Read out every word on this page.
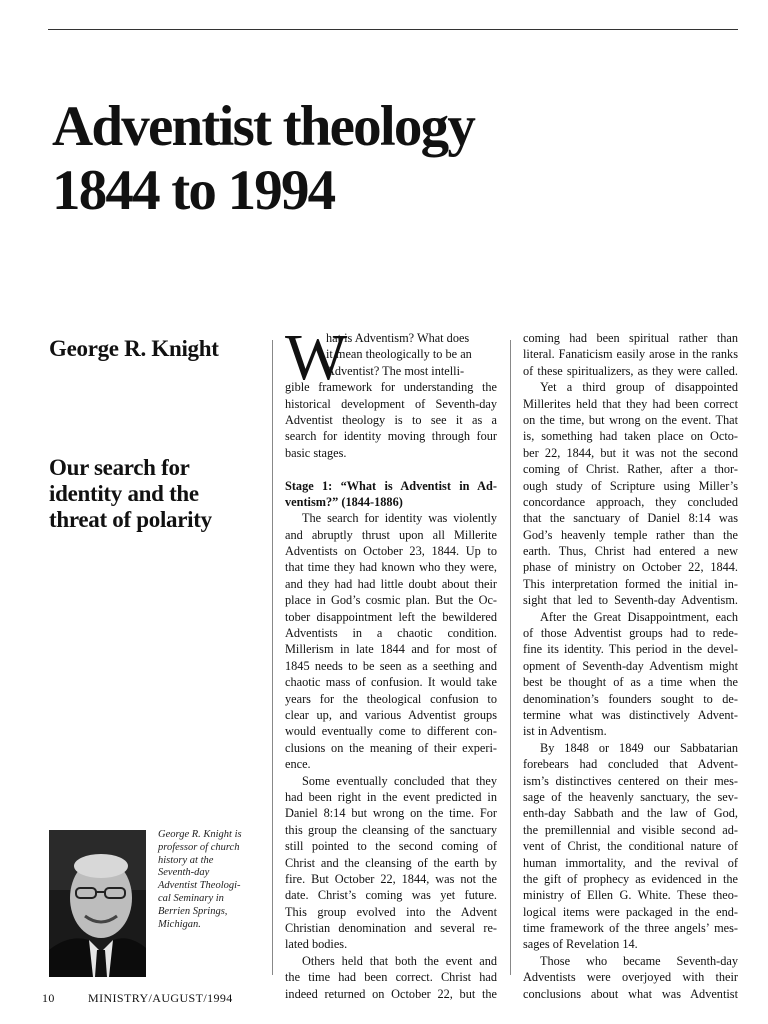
Adventist theology
1844 to 1994
George R. Knight
Our search for
identity and the
threat of polarity
George R. Knight is
professor of church
history at the
Seventh-day
Adventist Theologi-
cal Seminary in
Berrien Springs,
Michigan.
W
hat is Adventism? What does
it mean theologically to be an
Adventist? The most intelli-
gible framework for understanding the
historical development of Seventh-day
Adventist theology is to see it as a
search for identity moving through four
basic stages.
Stage 1: “What is Adventist in Ad-
ventism?” (1844-1886)
The search for identity was violently
and abruptly thrust upon all Millerite
Adventists on October 23, 1844. Up to
that time they had known who they were,
and they had had little doubt about their
place in God’s cosmic plan. But the Oc-
tober disappointment left the bewildered
Adventists in a chaotic condition.
Millerism in late 1844 and for most of
1845 needs to be seen as a seething and
chaotic mass of confusion. It would take
years for the theological confusion to
clear up, and various Adventist groups
would eventually come to different con-
clusions on the meaning of their experi-
ence.
Some eventually concluded that they
had been right in the event predicted in
Daniel 8:14 but wrong on the time. For
this group the cleansing of the sanctuary
still pointed to the second coming of
Christ and the cleansing of the earth by
fire. But October 22, 1844, was not the
date. Christ’s coming was yet future.
This group evolved into the Advent
Christian denomination and several re-
lated bodies.
Others held that both the event and
the time had been correct. Christ had
indeed returned on October 22, but the
coming had been spiritual rather than
literal. Fanaticism easily arose in the ranks
of these spiritualizers, as they were called.
Yet a third group of disappointed
Millerites held that they had been correct
on the time, but wrong on the event. That
is, something had taken place on Octo-
ber 22, 1844, but it was not the second
coming of Christ. Rather, after a thor-
ough study of Scripture using Miller’s
concordance approach, they concluded
that the sanctuary of Daniel 8:14 was
God’s heavenly temple rather than the
earth. Thus, Christ had entered a new
phase of ministry on October 22, 1844.
This interpretation formed the initial in-
sight that led to Seventh-day Adventism.
After the Great Disappointment, each
of those Adventist groups had to rede-
fine its identity. This period in the devel-
opment of Seventh-day Adventism might
best be thought of as a time when the
denomination’s founders sought to de-
termine what was distinctively Advent-
ist in Adventism.
By 1848 or 1849 our Sabbatarian
forebears had concluded that Advent-
ism’s distinctives centered on their mes-
sage of the heavenly sanctuary, the sev-
enth-day Sabbath and the law of God,
the premillennial and visible second ad-
vent of Christ, the conditional nature of
human immortality, and the revival of
the gift of prophecy as evidenced in the
ministry of Ellen G. White. These theo-
logical items were packaged in the end-
time framework of the three angels’ mes-
sages of Revelation 14.
Those who became Seventh-day
Adventists were overjoyed with their
conclusions about what was Adventist
10	MINISTRY/AUGUST/1994
